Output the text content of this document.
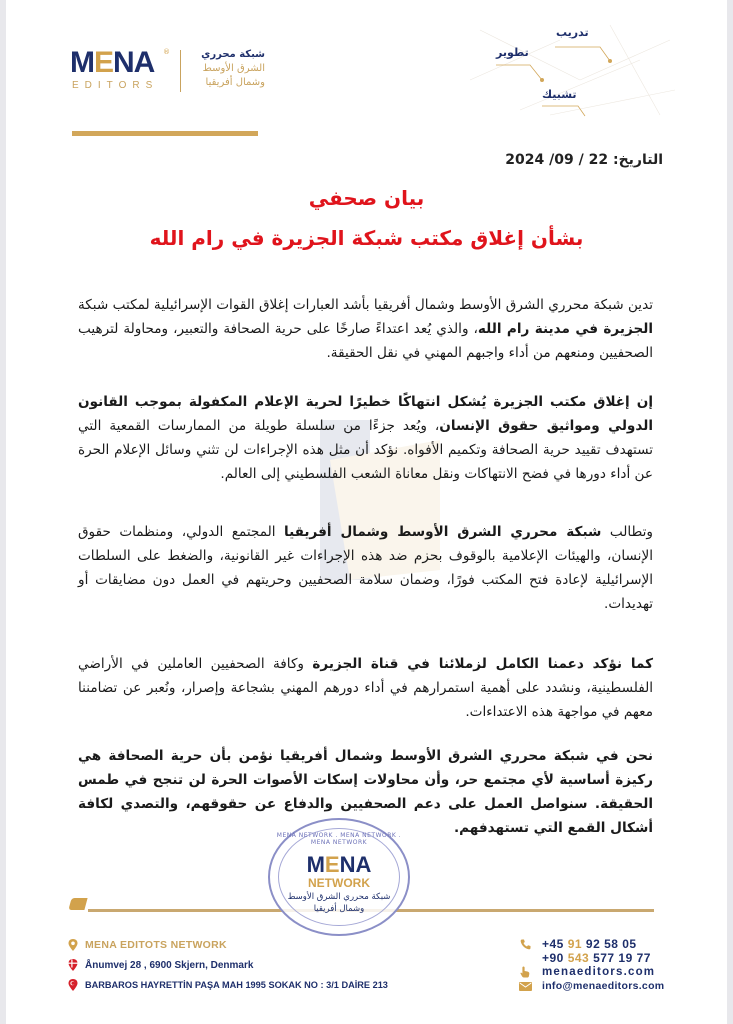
MENA ®
EDITORS
شبكة محرري
الشرق الأوسط
وشمال أفريقيا
تدريب
تطوير
تشبيك
التاريخ: 22 / 09/ 2024
بيان صحفي
بشأن إغلاق مكتب شبكة الجزيرة في رام الله
تدين شبكة محرري الشرق الأوسط وشمال أفريقيا بأشد العبارات إغلاق القوات الإسرائيلية لمكتب شبكة الجزيرة في مدينة رام الله، والذي يُعد اعتداءً صارخًا على حرية الصحافة والتعبير، ومحاولة لترهيب الصحفيين ومنعهم من أداء واجبهم المهني في نقل الحقيقة.
إن إغلاق مكتب الجزيرة يُشكل انتهاكًا خطيرًا لحرية الإعلام المكفولة بموجب القانون الدولي ومواثيق حقوق الإنسان، ويُعد جزءًا من سلسلة طويلة من الممارسات القمعية التي تستهدف تقييد حرية الصحافة وتكميم الأفواه. نؤكد أن مثل هذه الإجراءات لن تثني وسائل الإعلام الحرة عن أداء دورها في فضح الانتهاكات ونقل معاناة الشعب الفلسطيني إلى العالم.
وتطالب شبكة محرري الشرق الأوسط وشمال أفريقيا المجتمع الدولي، ومنظمات حقوق الإنسان، والهيئات الإعلامية بالوقوف بحزم ضد هذه الإجراءات غير القانونية، والضغط على السلطات الإسرائيلية لإعادة فتح المكتب فورًا، وضمان سلامة الصحفيين وحريتهم في العمل دون مضايقات أو تهديدات.
كما نؤكد دعمنا الكامل لزملائنا في قناة الجزيرة وكافة الصحفيين العاملين في الأراضي الفلسطينية، ونشدد على أهمية استمرارهم في أداء دورهم المهني بشجاعة وإصرار، ونُعبر عن تضامننا معهم في مواجهة هذه الاعتداءات.
نحن في شبكة محرري الشرق الأوسط وشمال أفريقيا نؤمن بأن حرية الصحافة هي ركيزة أساسية لأي مجتمع حر، وأن محاولات إسكات الأصوات الحرة لن تنجح في طمس الحقيقة. سنواصل العمل على دعم الصحفيين والدفاع عن حقوقهم، والتصدي لكافة أشكال القمع التي تستهدفهم.
MENA NETWORK . MENA NETWORK . MENA NETWORK
MENA
NETWORK
شبكة محرري الشرق الأوسط
وشمال أفريقيا
MENA EDITOTS NETWORK
Ånumvej 28 , 6900 Skjern, Denmark
BARBAROS HAYRETTİN PAŞA MAH 1995 SOKAK NO : 3/1 DAİRE 213
+45 91 92 58 05
+90 543 577 19 77
menaeditors.com
info@menaeditors.com
